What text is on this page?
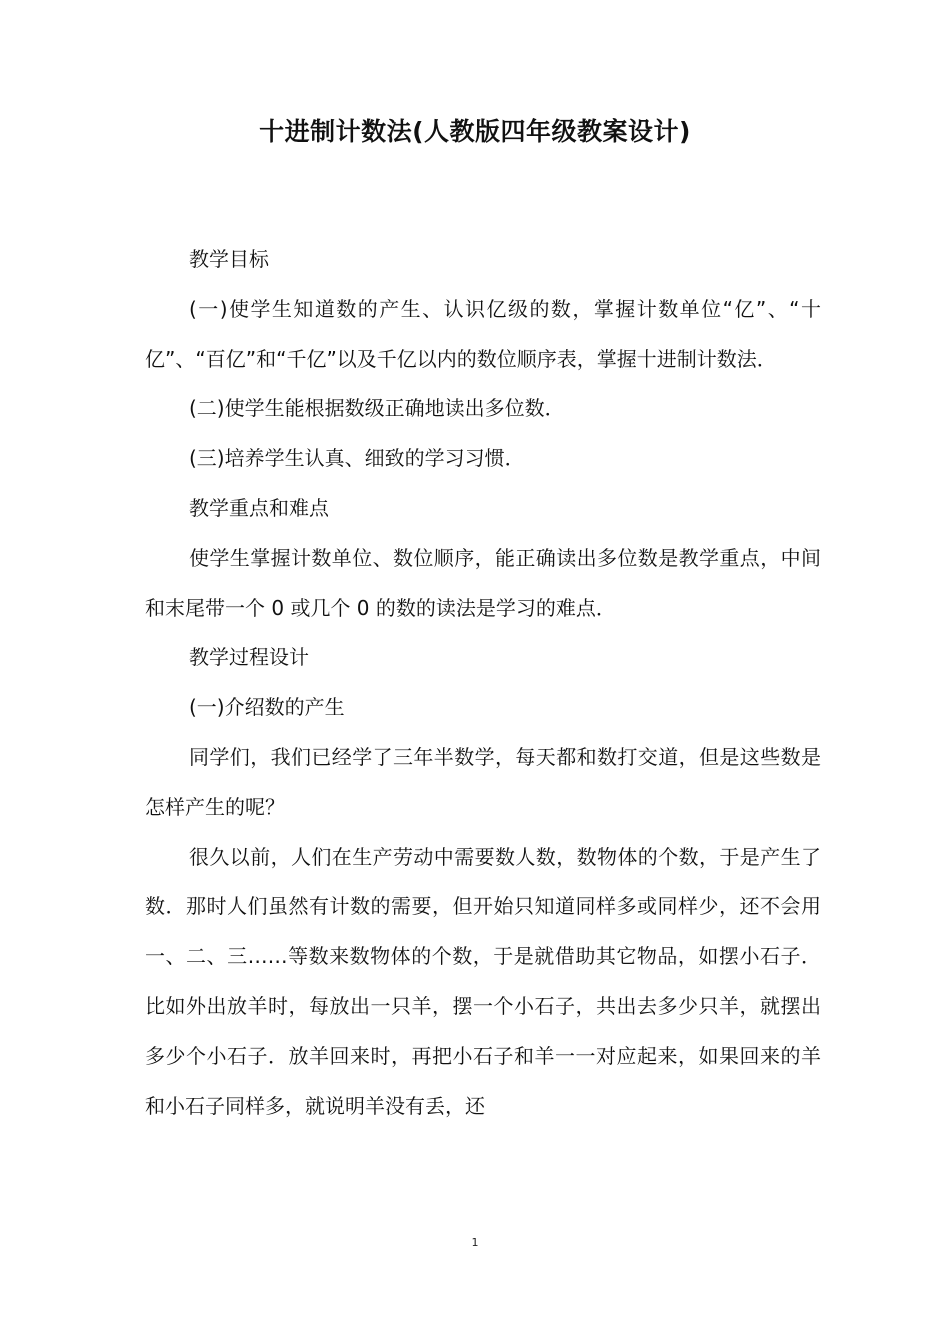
十进制计数法(人教版四年级教案设计)

教学目标

(一)使学生知道数的产生、认识亿级的数，掌握计数单位“亿”、“十亿”、“百亿”和“千亿”以及千亿以内的数位顺序表，掌握十进制计数法．

(二)使学生能根据数级正确地读出多位数．

(三)培养学生认真、细致的学习习惯．

教学重点和难点

使学生掌握计数单位、数位顺序，能正确读出多位数是教学重点，中间和末尾带一个 0 或几个 0 的数的读法是学习的难点．

教学过程设计

(一)介绍数的产生

同学们，我们已经学了三年半数学，每天都和数打交道，但是这些数是怎样产生的呢？

很久以前，人们在生产劳动中需要数人数，数物体的个数，于是产生了数．那时人们虽然有计数的需要，但开始只知道同样多或同样少，还不会用一、二、三……等数来数物体的个数，于是就借助其它物品，如摆小石子．比如外出放羊时，每放出一只羊，摆一个小石子，共出去多少只羊，就摆出多少个小石子．放羊回来时，再把小石子和羊一一对应起来，如果回来的羊和小石子同样多，就说明羊没有丢，还

1
